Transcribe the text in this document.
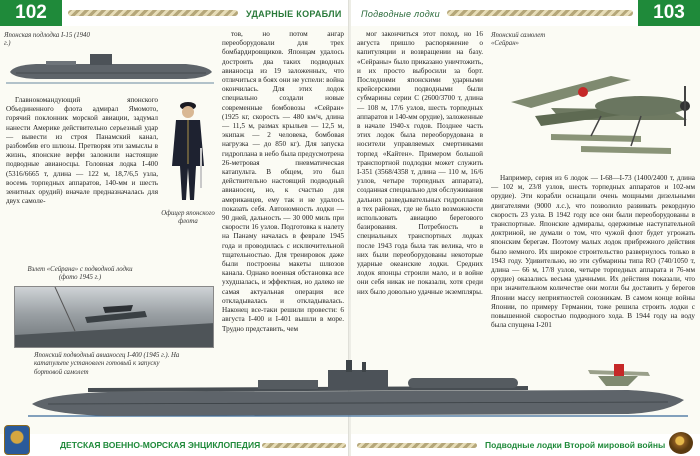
102	УДАРНЫЕ КОРАБЛИ
Японская подлодка I-15 (1940 г.)

Главнокомандующий японского Объединенного флота адмирал Ямомото, горячий поклонник морской авиации, задумал нанести Америке действительно серьезный удар — вывести из строя Панамский канал, разбомбив его шлюзы. Претворяя эти замыслы в жизнь, японские верфи заложили настоящие подводные авианосцы. Головная лодка I-400 (5316/6665 т, длина — 122 м, 18,7/6,5 узла, восемь торпедных аппаратов, 140-мм и шесть зенитных орудий) вначале предназначалась для двух самоле-

Офицер японского флота
Взлет «Сейрана» с подводной лодки (фото 1945 г.)

тов, но потом ангар переоборудовали для трех бомбардировщиков. Японцам удалось достроить два таких подводных авианосца из 19 заложенных, что отличиться в боях они не успели: война окончилась. Для этих лодок специально создали новые современные бомбовозы «Сейран» (1925 кг, скорость — 480 км/ч, длина — 11,5 м, размах крыльев — 12,5 м, экипаж — 2 человека, бомбовая нагрузка — до 850 кг). Для запуска гидроплана в небо была предусмотрена 26-метровая пневматическая катапульта. В общем, это был действительно настоящий подводный авианосец, но, к счастью для американцев, ему так и не удалось показать себя. Автономность лодки — 90 дней, дальность — 30 000 миль при скорости 16 узлов. Подготовка к налету на Панаму началась в феврале 1945 года и проводилась с исключительной тщательностью. Для тренировок даже были построены макеты шлюзов канала. Однако военная обстановка все ухудшалась, и эффектная, но далеко не самая актуальная операция все откладывалась и откладывалась. Наконец все-таки решили провести: 6 августа I-400 и I-401 вышли в море. Трудно представить, чем

Японский подводный авианосец I-400 (1945 г.). На катапульте установлен готовый к запуску бортовой самолет
ДЕТСКАЯ ВОЕННО-МОРСКАЯ ЭНЦИКЛОПЕДИЯ
Подводные лодки	103

мог закончиться этот поход, но 16 августа пришло распоряжение о капитуляции и возвращении на базу. «Сейраны» было приказано уничтожить, и их просто выбросили за борт. Последними японскими ударными крейсерскими подводными были субмарины серии С (2600/3700 т, длина — 108 м, 17/6 узлов, шесть торпедных аппаратов и 140-мм орудие), заложенные в начале 1940-х годов. Позднее часть этих лодок была переоборудована в носители управляемых смертниками торпед «Кайтен». Примером большой транспортной подлодки может служить I-351 (3568/4358 т, длина — 110 м, 16/6 узлов, четыре торпедных аппарата), созданная специально для обслуживания дальних разведывательных гидропланов в тех районах, где не было возможности использовать авиацию берегового базирования. Потребность в специальных транспортных лодках после 1943 года была так велика, что в них были переоборудованы некоторые ударные океанские лодки. Средних лодок японцы строили мало, и в войне они себя никак не показали, хотя среди них было довольно удачные экземпляры.

Японский самолет «Сейран»

Например, серия из 6 лодок — I-68—I-73 (1400/2400 т, длина — 102 м, 23/8 узлов, шесть торпедных аппаратов и 102-мм орудие). Эти корабли оснащали очень мощными дизельными двигателями (9000 л.с.), что позволило развивать рекордную скорость 23 узла. В 1942 году все они были переоборудованы в транспортные. Японские адмиралы, одержимые наступательной доктриной, не думали о том, что чужой флот будет угрожать японским берегам. Поэтому малых лодок прибрежного действия было немного. Их широкое строительство развернулось только в 1943 году. Удивительно, но эти субмарины типа RO (740/1050 т, длина — 66 м, 17/8 узлов, четыре торпедных аппарата и 76-мм орудие) оказались весьма удачными. Их действия показали, что при значительном количестве они могли бы доставить у берегов Японии массу неприятностей союзникам. В самом конце войны Японии, по примеру Германии, тоже решила строить лодки с повышенной скоростью подводного хода. В 1944 году на воду была спущена I-201

Подводные лодки Второй мировой войны
